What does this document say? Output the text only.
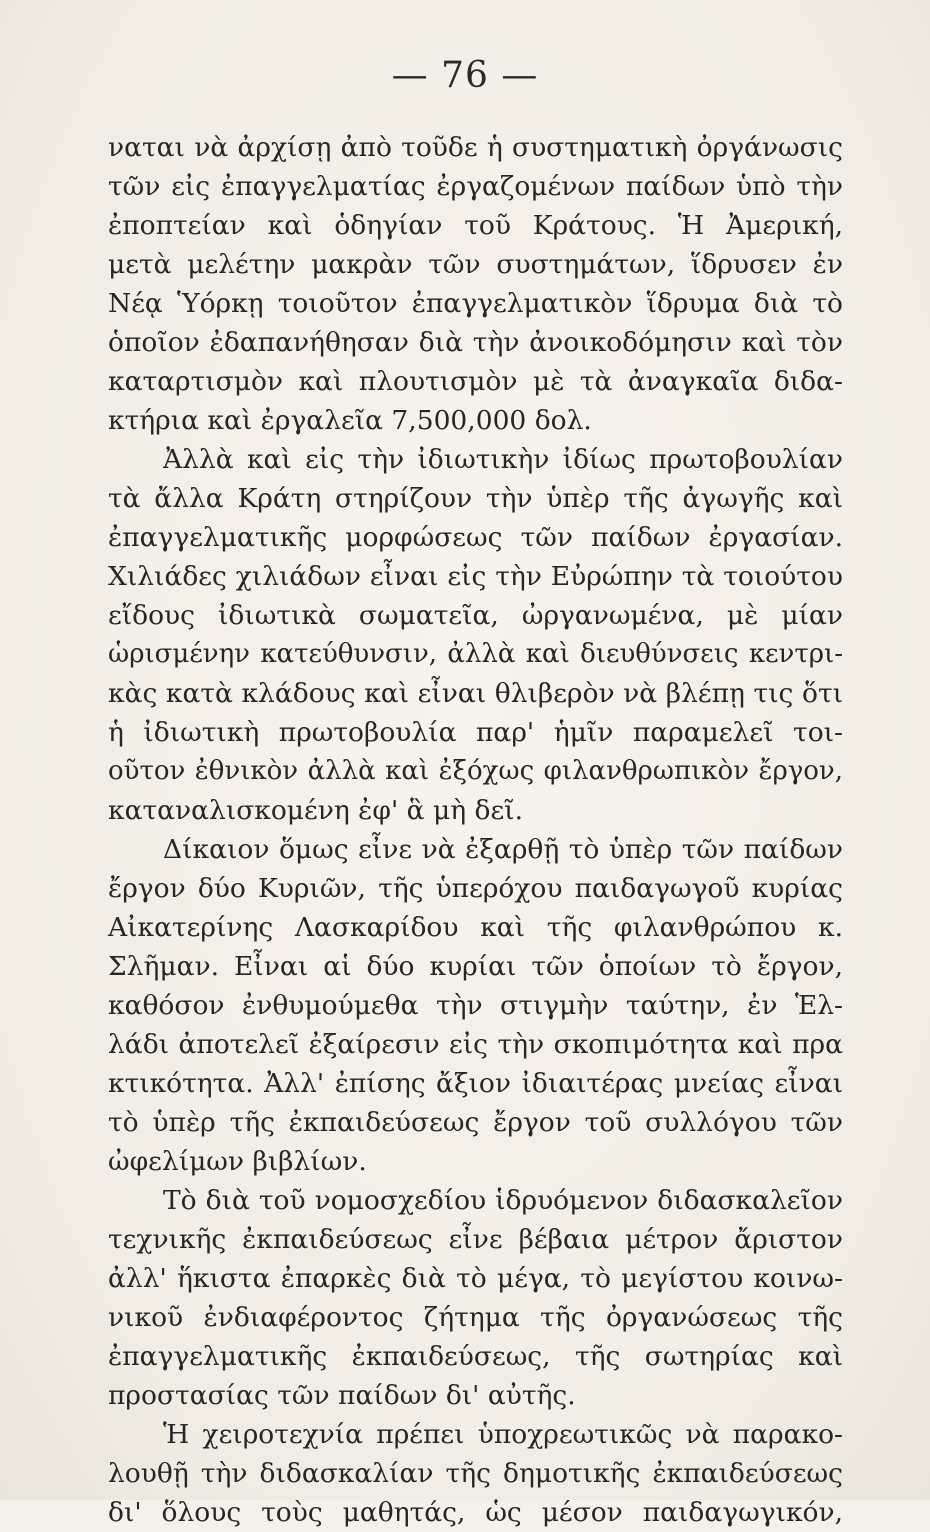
— 76 —
ναται νὰ ἀρχίσῃ ἀπὸ τοῦδε ἡ συστηματικὴ ὀργάνωσις
τῶν εἰς ἐπαγγελματίας ἐργαζομένων παίδων ὑπὸ τὴν
ἐποπτείαν καὶ ὁδηγίαν τοῦ Κράτους. Ἡ Ἀμερική,
μετὰ μελέτην μακρὰν τῶν συστημάτων, ἵδρυσεν ἐν
Νέᾳ Ὑόρκῃ τοιοῦτον ἐπαγγελματικὸν ἵδρυμα διὰ τὸ
ὁποῖον ἐδαπανήθησαν διὰ τὴν ἀνοικοδόμησιν καὶ τὸν
καταρτισμὸν καὶ πλουτισμὸν μὲ τὰ ἀναγκαῖα διδα-
κτήρια καὶ ἐργαλεῖα 7,500,000 δολ.
Ἀλλὰ καὶ εἰς τὴν ἰδιωτικὴν ἰδίως πρωτοβουλίαν
τὰ ἄλλα Κράτη στηρίζουν τὴν ὑπὲρ τῆς ἀγωγῆς καὶ
ἐπαγγελματικῆς μορφώσεως τῶν παίδων ἐργασίαν.
Χιλιάδες χιλιάδων εἶναι εἰς τὴν Εὐρώπην τὰ τοιούτου
εἴδους ἰδιωτικὰ σωματεῖα, ὠργανωμένα, μὲ μίαν
ὡρισμένην κατεύθυνσιν, ἀλλὰ καὶ διευθύνσεις κεντρι-
κὰς κατὰ κλάδους καὶ εἶναι θλιβερὸν νὰ βλέπῃ τις ὅτι
ἡ ἰδιωτικὴ πρωτοβουλία παρ' ἡμῖν παραμελεῖ τοι-
οῦτον ἐθνικὸν ἀλλὰ καὶ ἐξόχως φιλανθρωπικὸν ἔργον,
καταναλισκομένη ἐφ' ἃ μὴ δεῖ.
Δίκαιον ὅμως εἶνε νὰ ἐξαρθῇ τὸ ὑπὲρ τῶν παίδων
ἔργον δύο Κυριῶν, τῆς ὑπερόχου παιδαγωγοῦ κυρίας
Αἰκατερίνης Λασκαρίδου καὶ τῆς φιλανθρώπου κ.
Σλῆμαν. Εἶναι αἱ δύο κυρίαι τῶν ὁποίων τὸ ἔργον,
καθόσον ἐνθυμούμεθα τὴν στιγμὴν ταύτην, ἐν Ἑλ-
λάδι ἀποτελεῖ ἐξαίρεσιν εἰς τὴν σκοπιμότητα καὶ πρα
κτικότητα. Ἀλλ' ἐπίσης ἄξιον ἰδιαιτέρας μνείας εἶναι
τὸ ὑπὲρ τῆς ἐκπαιδεύσεως ἔργον τοῦ συλλόγου τῶν
ὠφελίμων βιβλίων.
Τὸ διὰ τοῦ νομοσχεδίου ἱδρυόμενον διδασκαλεῖον
τεχνικῆς ἐκπαιδεύσεως εἶνε βέβαια μέτρον ἄριστον
ἀλλ' ἥκιστα ἐπαρκὲς διὰ τὸ μέγα, τὸ μεγίστου κοινω-
νικοῦ ἐνδιαφέροντος ζήτημα τῆς ὀργανώσεως τῆς
ἐπαγγελματικῆς ἐκπαιδεύσεως, τῆς σωτηρίας καὶ
προστασίας τῶν παίδων δι' αὐτῆς.
Ἡ χειροτεχνία πρέπει ὑποχρεωτικῶς νὰ παρακο-
λουθῇ τὴν διδασκαλίαν τῆς δημοτικῆς ἐκπαιδεύσεως
δι' ὅλους τοὺς μαθητάς, ὡς μέσον παιδαγωγικόν,
